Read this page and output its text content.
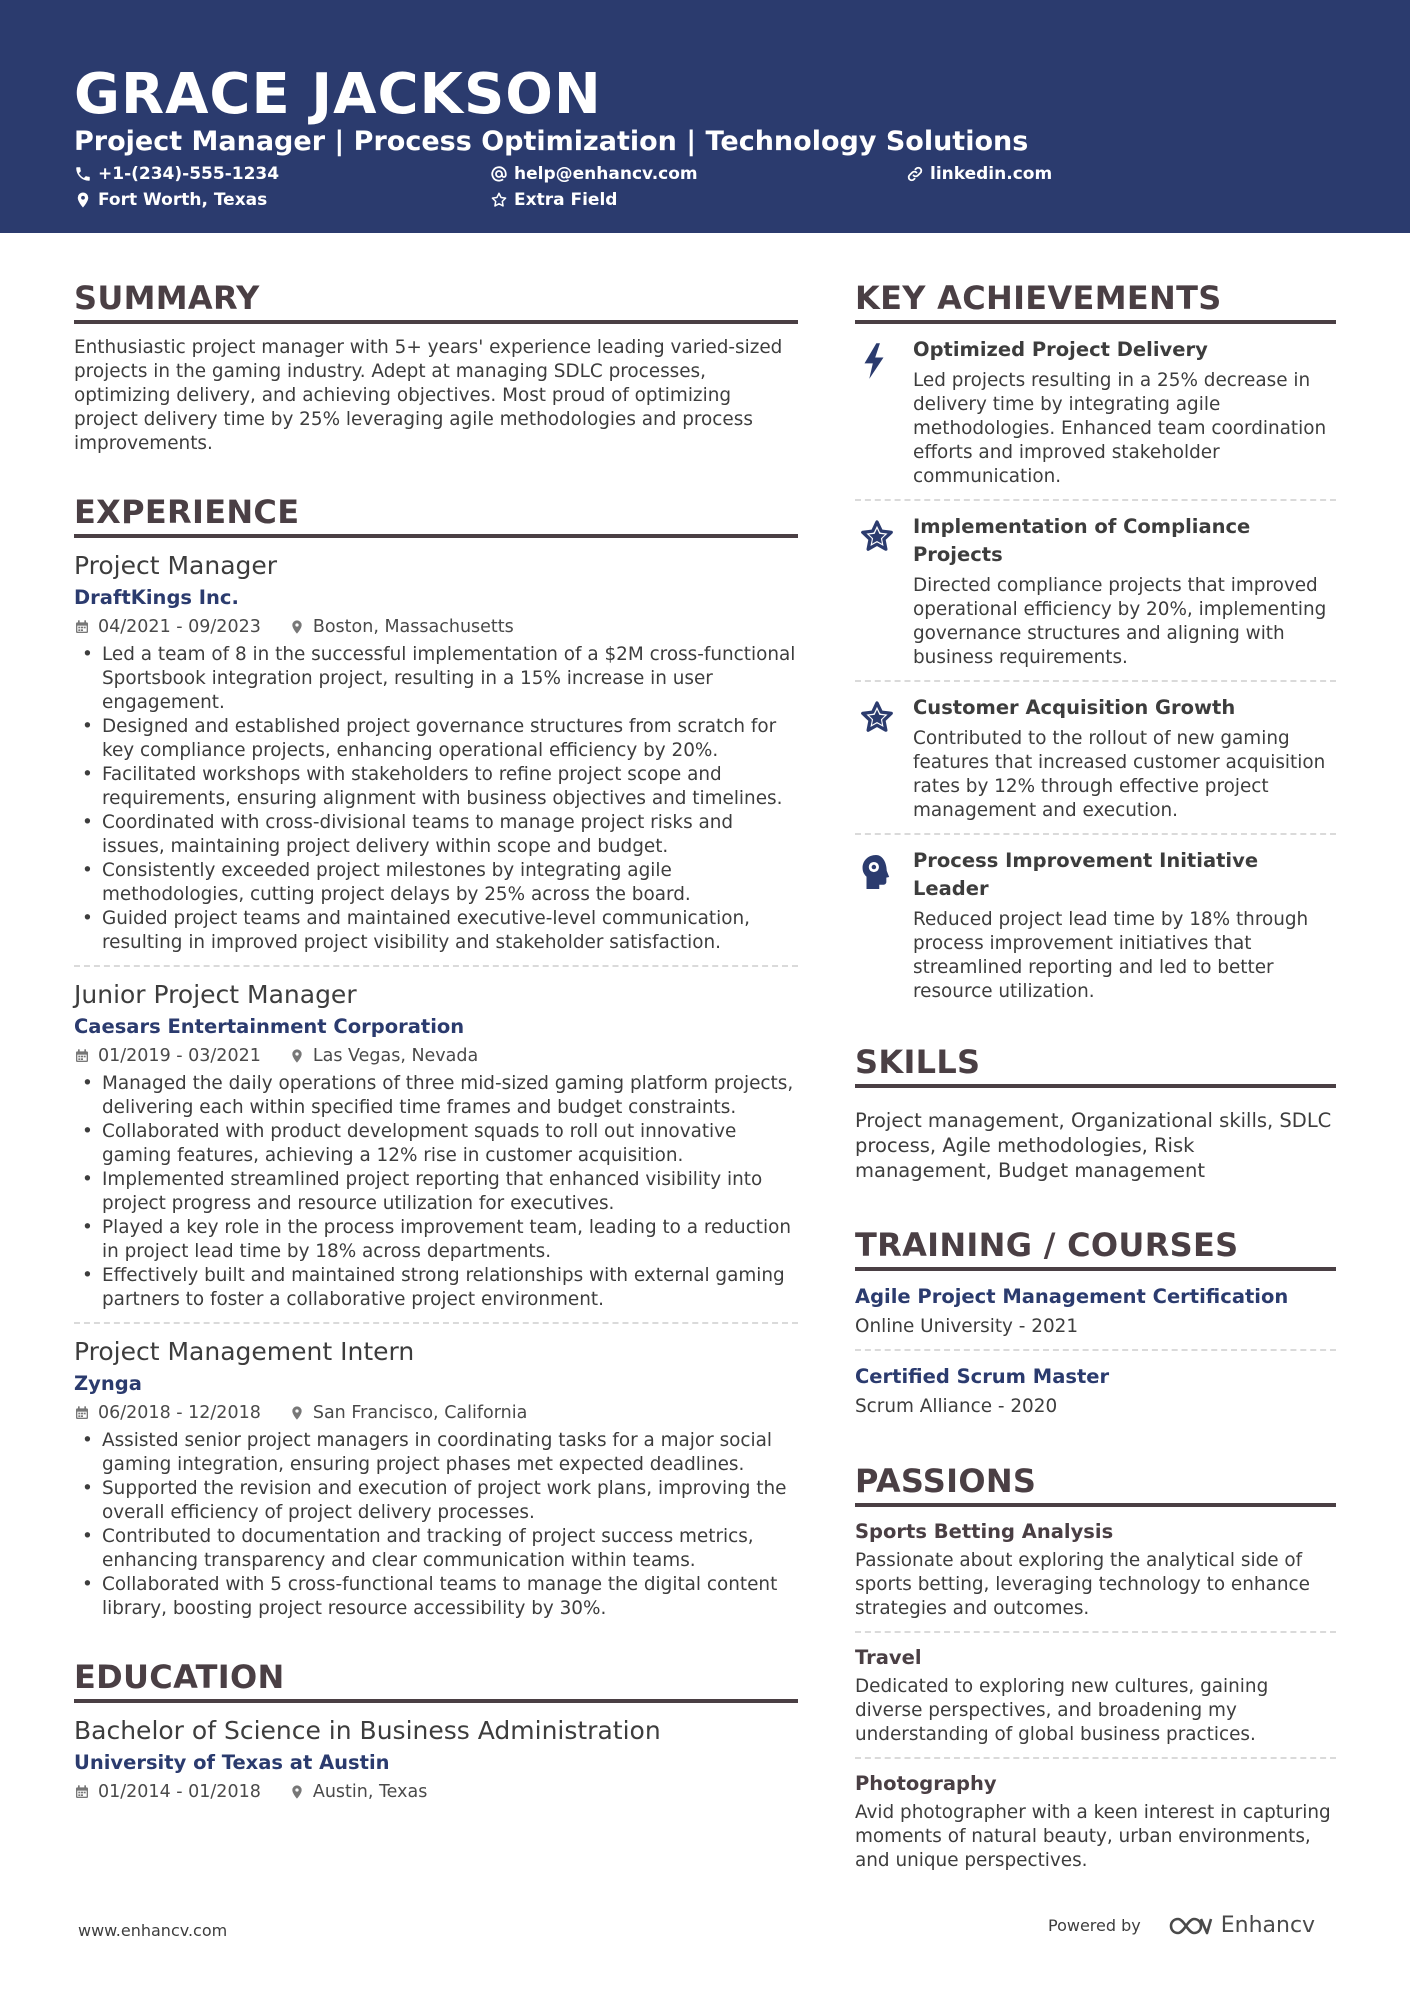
GRACE JACKSON
Project Manager | Process Optimization | Technology Solutions
+1-(234)-555-1234	help@enhancv.com	linkedin.com
Fort Worth, Texas	Extra Field
SUMMARY
Enthusiastic project manager with 5+ years' experience leading varied-sized projects in the gaming industry. Adept at managing SDLC processes, optimizing delivery, and achieving objectives. Most proud of optimizing project delivery time by 25% leveraging agile methodologies and process improvements.
EXPERIENCE
Project Manager
DraftKings Inc.
04/2021 - 09/2023	Boston, Massachusetts
• Led a team of 8 in the successful implementation of a $2M cross-functional Sportsbook integration project, resulting in a 15% increase in user engagement.
• Designed and established project governance structures from scratch for key compliance projects, enhancing operational efficiency by 20%.
• Facilitated workshops with stakeholders to refine project scope and requirements, ensuring alignment with business objectives and timelines.
• Coordinated with cross-divisional teams to manage project risks and issues, maintaining project delivery within scope and budget.
• Consistently exceeded project milestones by integrating agile methodologies, cutting project delays by 25% across the board.
• Guided project teams and maintained executive-level communication, resulting in improved project visibility and stakeholder satisfaction.
Junior Project Manager
Caesars Entertainment Corporation
01/2019 - 03/2021	Las Vegas, Nevada
• Managed the daily operations of three mid-sized gaming platform projects, delivering each within specified time frames and budget constraints.
• Collaborated with product development squads to roll out innovative gaming features, achieving a 12% rise in customer acquisition.
• Implemented streamlined project reporting that enhanced visibility into project progress and resource utilization for executives.
• Played a key role in the process improvement team, leading to a reduction in project lead time by 18% across departments.
• Effectively built and maintained strong relationships with external gaming partners to foster a collaborative project environment.
Project Management Intern
Zynga
06/2018 - 12/2018	San Francisco, California
• Assisted senior project managers in coordinating tasks for a major social gaming integration, ensuring project phases met expected deadlines.
• Supported the revision and execution of project work plans, improving the overall efficiency of project delivery processes.
• Contributed to documentation and tracking of project success metrics, enhancing transparency and clear communication within teams.
• Collaborated with 5 cross-functional teams to manage the digital content library, boosting project resource accessibility by 30%.
EDUCATION
Bachelor of Science in Business Administration
University of Texas at Austin
01/2014 - 01/2018	Austin, Texas
KEY ACHIEVEMENTS
Optimized Project Delivery
Led projects resulting in a 25% decrease in delivery time by integrating agile methodologies. Enhanced team coordination efforts and improved stakeholder communication.
Implementation of Compliance Projects
Directed compliance projects that improved operational efficiency by 20%, implementing governance structures and aligning with business requirements.
Customer Acquisition Growth
Contributed to the rollout of new gaming features that increased customer acquisition rates by 12% through effective project management and execution.
Process Improvement Initiative Leader
Reduced project lead time by 18% through process improvement initiatives that streamlined reporting and led to better resource utilization.
SKILLS
Project management, Organizational skills, SDLC process, Agile methodologies, Risk management, Budget management
TRAINING / COURSES
Agile Project Management Certification
Online University - 2021
Certified Scrum Master
Scrum Alliance - 2020
PASSIONS
Sports Betting Analysis
Passionate about exploring the analytical side of sports betting, leveraging technology to enhance strategies and outcomes.
Travel
Dedicated to exploring new cultures, gaining diverse perspectives, and broadening my understanding of global business practices.
Photography
Avid photographer with a keen interest in capturing moments of natural beauty, urban environments, and unique perspectives.
www.enhancv.com	Powered by	Enhancv
